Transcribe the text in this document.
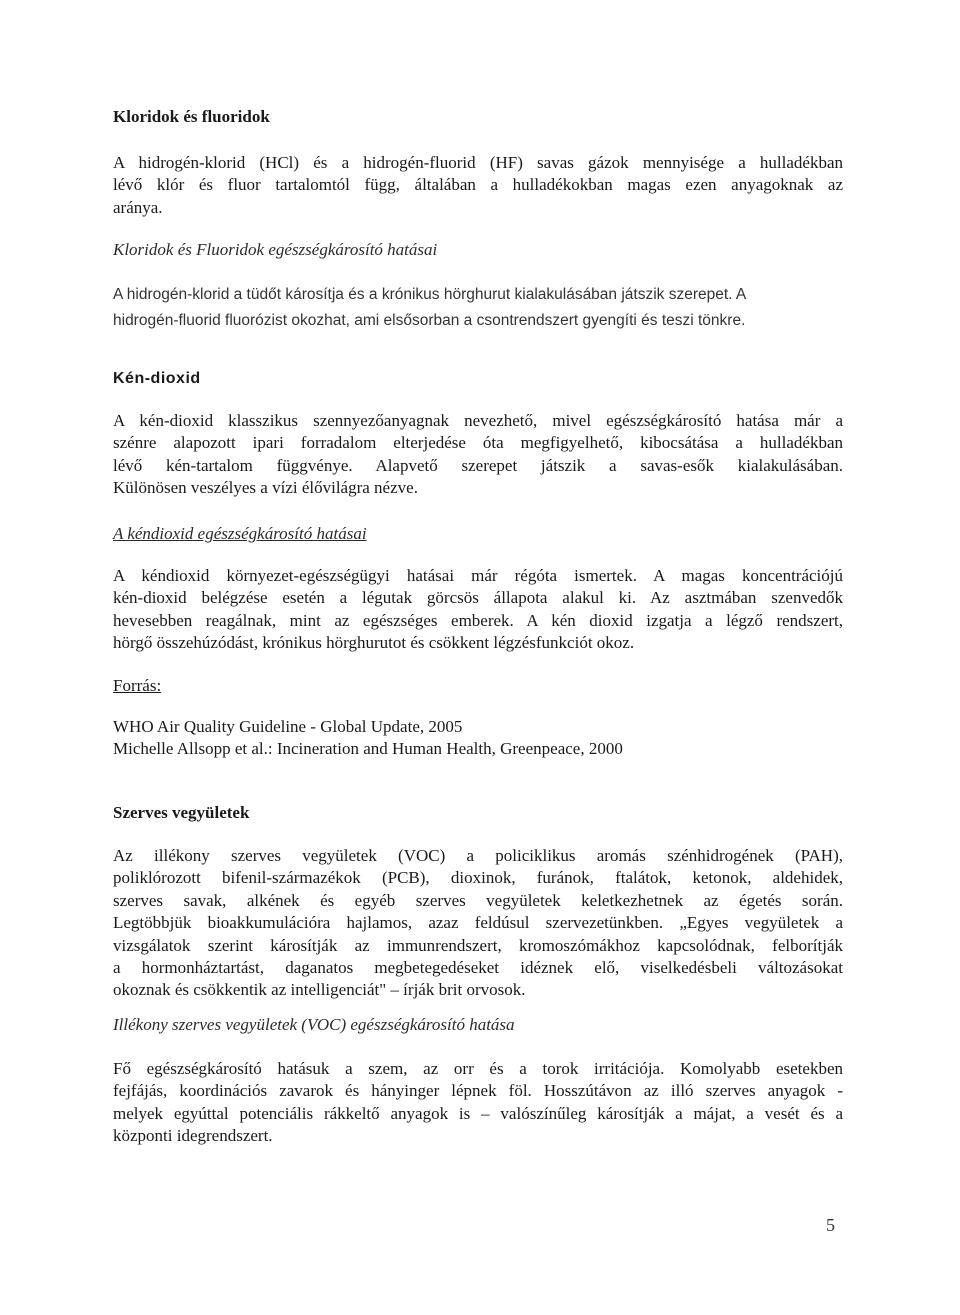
Kloridok és fluoridok
A hidrogén-klorid (HCl) és a hidrogén-fluorid (HF) savas gázok mennyisége a hulladékban
lévő klór és fluor tartalomtól függ, általában a hulladékokban magas ezen anyagoknak az
aránya.
Kloridok és Fluoridok egészségkárosító hatásai
A hidrogén-klorid a tüdőt károsítja és a krónikus hörghurut kialakulásában játszik szerepet. A
hidrogén-fluorid fluorózist okozhat, ami elsősorban a csontrendszert gyengíti és teszi tönkre.
Kén-dioxid
A kén-dioxid klasszikus szennyezőanyagnak nevezhető, mivel egészségkárosító hatása már a
szénre alapozott ipari forradalom elterjedése óta megfigyelhető, kibocsátása a hulladékban
lévő kén-tartalom függvénye. Alapvető szerepet játszik a savas-esők kialakulásában.
Különösen veszélyes a vízi élővilágra nézve.
A kéndioxid egészségkárosító hatásai
A kéndioxid környezet-egészségügyi hatásai már régóta ismertek. A magas koncentrációjú
kén-dioxid belégzése esetén a légutak görcsös állapota alakul ki. Az asztmában szenvedők
hevesebben reagálnak, mint az egészséges emberek. A kén dioxid izgatja a légző rendszert,
hörgő összehúzódást, krónikus hörghurutot és csökkent légzésfunkciót okoz.
Forrás:
WHO Air Quality Guideline - Global Update, 2005
Michelle Allsopp et al.: Incineration and Human Health, Greenpeace, 2000
Szerves vegyületek
Az illékony szerves vegyületek (VOC) a policiklikus aromás szénhidrogének (PAH),
poliklórozott bifenil-származékok (PCB), dioxinok, furánok, ftalátok, ketonok, aldehidek,
szerves savak, alkének és egyéb szerves vegyületek keletkezhetnek az égetés során.
Legtöbbjük bioakkumulációra hajlamos, azaz feldúsul szervezetünkben. „Egyes vegyületek a
vizsgálatok szerint károsítják az immunrendszert, kromoszómákhoz kapcsolódnak, felborítják
a hormonháztartást, daganatos megbetegedéseket idéznek elő, viselkedésbeli változásokat
okoznak és csökkentik az intelligenciát" – írják brit orvosok.
Illékony szerves vegyületek (VOC) egészségkárosító hatása
Fő egészségkárosító hatásuk a szem, az orr és a torok irritációja. Komolyabb esetekben
fejfájás, koordinációs zavarok és hányinger lépnek föl. Hosszútávon az illó szerves anyagok -
melyek egyúttal potenciális rákkeltő anyagok is – valószínűleg károsítják a májat, a vesét és a
központi idegrendszert.
5
